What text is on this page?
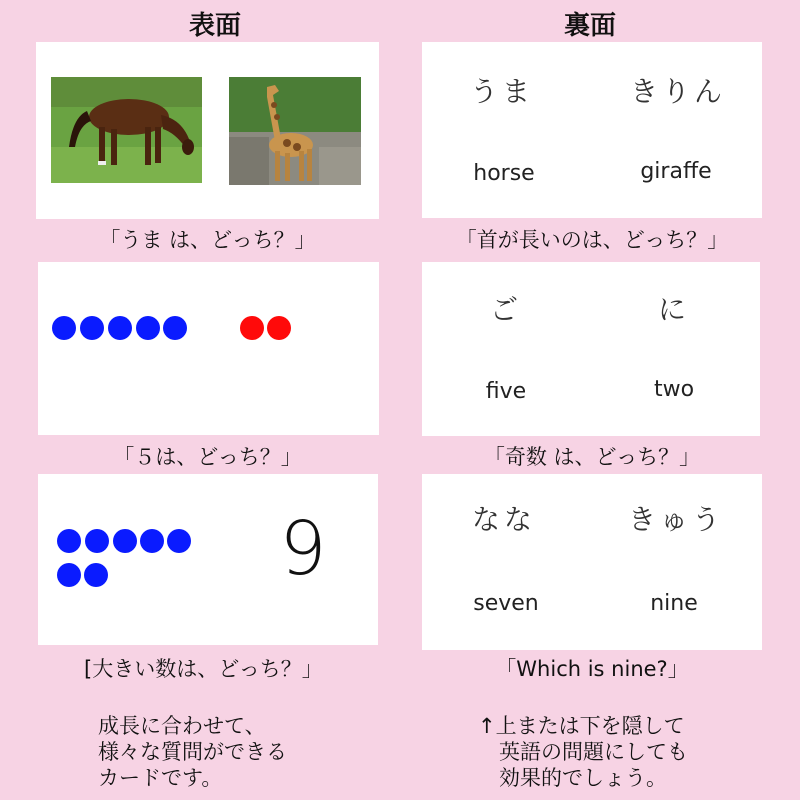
表面	裏面
うま	きりん
horse	giraffe
「うま は、どっち？」	「首が長いのは、どっち？」
ご	に
five	two
「５は、どっち？」	「奇数 は、どっち？」
9	なな	きゅう
seven	nine
[大きい数は、どっち？」	「Which is nine?」
成長に合わせて、
様々な質問ができる
カードです。
↑上または下を隠して
　英語の問題にしても
　効果的でしょう。
